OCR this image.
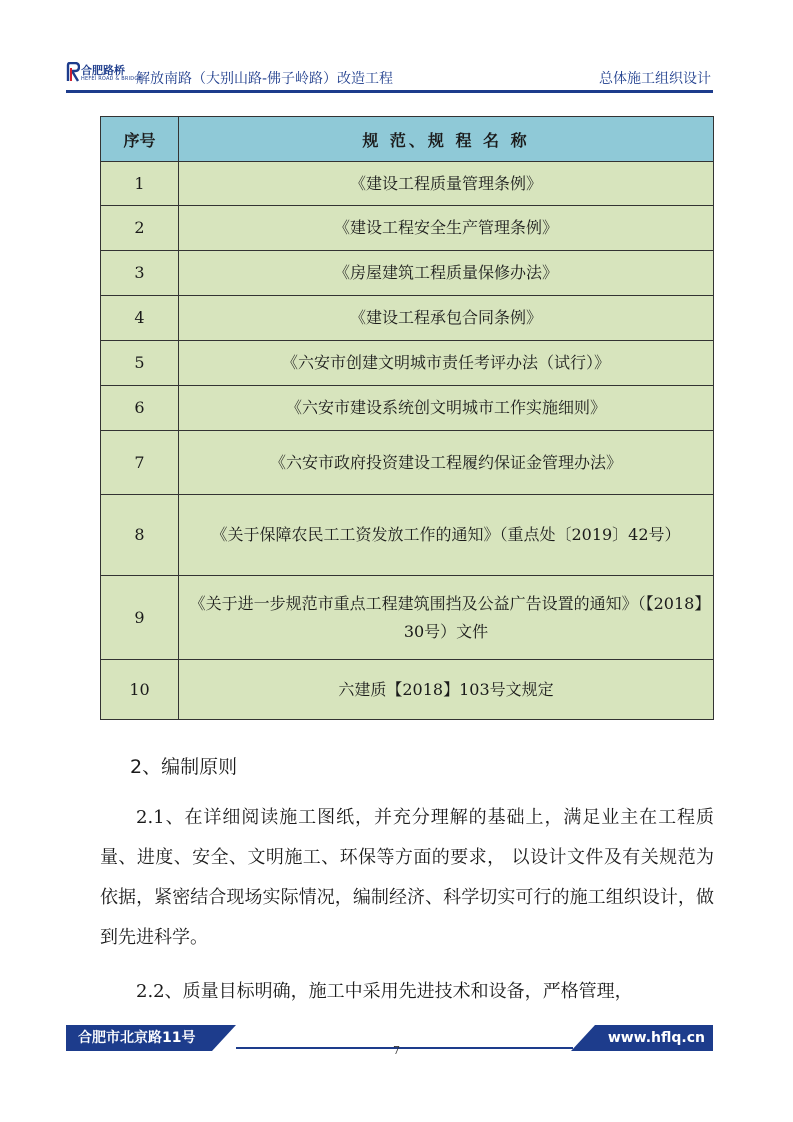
合肥路桥
HEFEI ROAD & BRIDGE
解放南路（大别山路-佛子岭路）改造工程	总体施工组织设计
序号	规 范、规 程 名 称
1	《建设工程质量管理条例》
2	《建设工程安全生产管理条例》
3	《房屋建筑工程质量保修办法》
4	《建设工程承包合同条例》
5	《六安市创建文明城市责任考评办法（试行）》
6	《六安市建设系统创文明城市工作实施细则》
7	《六安市政府投资建设工程履约保证金管理办法》
8	《关于保障农民工工资发放工作的通知》（重点处〔2019〕42号）
9	《关于进一步规范市重点工程建筑围挡及公益广告设置的通知》（【2018】30号）文件
10	六建质【2018】103号文规定
2、编制原则

2.1、在详细阅读施工图纸，并充分理解的基础上，满足业主在工程质量、进度、安全、文明施工、环保等方面的要求， 以设计文件及有关规范为依据，紧密结合现场实际情况，编制经济、科学切实可行的施工组织设计，做到先进科学。

2.2、质量目标明确，施工中采用先进技术和设备，严格管理，

合肥市北京路11号	www.hflq.cn
7
